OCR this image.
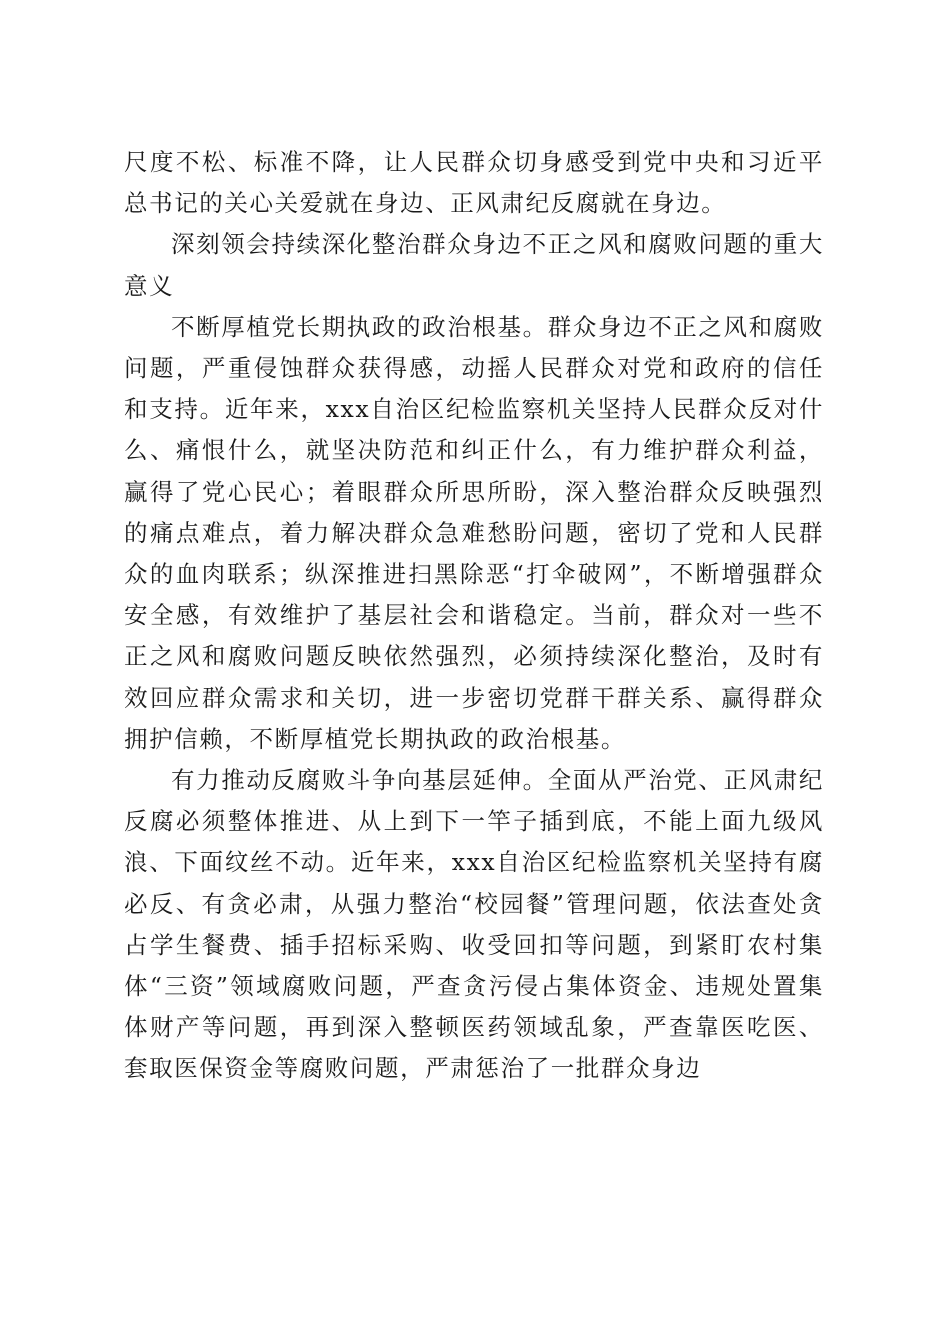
尺度不松、标准不降，让人民群众切身感受到党中央和习近平总书记的关心关爱就在身边、正风肃纪反腐就在身边。

深刻领会持续深化整治群众身边不正之风和腐败问题的重大意义

不断厚植党长期执政的政治根基。群众身边不正之风和腐败问题，严重侵蚀群众获得感，动摇人民群众对党和政府的信任和支持。近年来，xxx自治区纪检监察机关坚持人民群众反对什么、痛恨什么，就坚决防范和纠正什么，有力维护群众利益，赢得了党心民心；着眼群众所思所盼，深入整治群众反映强烈的痛点难点，着力解决群众急难愁盼问题，密切了党和人民群众的血肉联系；纵深推进扫黑除恶“打伞破网”，不断增强群众安全感，有效维护了基层社会和谐稳定。当前，群众对一些不正之风和腐败问题反映依然强烈，必须持续深化整治，及时有效回应群众需求和关切，进一步密切党群干群关系、赢得群众拥护信赖，不断厚植党长期执政的政治根基。

有力推动反腐败斗争向基层延伸。全面从严治党、正风肃纪反腐必须整体推进、从上到下一竿子插到底，不能上面九级风浪、下面纹丝不动。近年来，xxx自治区纪检监察机关坚持有腐必反、有贪必肃，从强力整治“校园餐”管理问题，依法查处贪占学生餐费、插手招标采购、收受回扣等问题，到紧盯农村集体“三资”领域腐败问题，严查贪污侵占集体资金、违规处置集体财产等问题，再到深入整顿医药领域乱象，严查靠医吃医、套取医保资金等腐败问题，严肃惩治了一批群众身边
